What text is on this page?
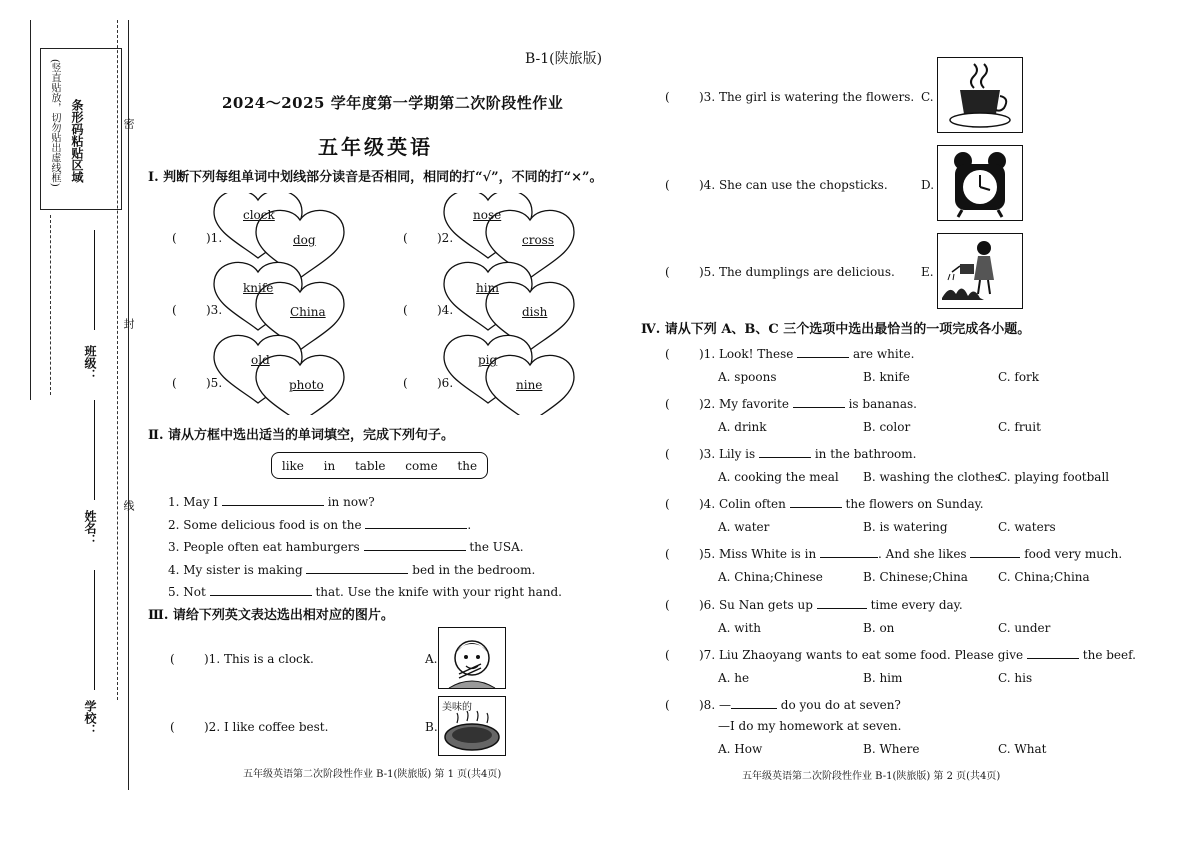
条形码粘贴区域
(竖直贴放，切勿贴出虚线框)	密
封
线
班级：
姓名：
学校：
B-1(陕旅版)
2024～2025 学年度第一学期第二次阶段性作业
五年级英语
Ⅰ. 判断下列每组单词中划线部分读音是否相同，相同的打“√”，不同的打“×”。
( )1.
clock
dog	( )2.
nose
cross
( )3.
knife
China	( )4.
him
dish
( )5.
old
photo	( )6.
pig
nine
Ⅱ. 请从方框中选出适当的单词填空，完成下列句子。
like in table come the
1. May I	in now?
2. Some delicious food is on the	.
3. People often eat hamburgers	the USA.
4. My sister is making	bed in the bedroom.
5. Not	that. Use the knife with your right hand.
Ⅲ. 请给下列英文表达选出相对应的图片。
( )1. This is a clock.
( )2. I like coffee best.
( )3. The girl is watering the flowers.
( )4. She can use the chopsticks.
( )5. The dumplings are delicious.
A.
B.
美味的
C.
D.
E.
Ⅳ. 请从下列 A、B、C 三个选项中选出最恰当的一项完成各小题。
( )1. Look! These	are white.
A. spoons	B. knife	C. fork
( )2. My favorite	is bananas.
A. drink	B. color	C. fruit
( )3. Lily is	in the bathroom.
A. cooking the meal B. washing the clothes
C. playing football
( )4. Colin often	the flowers on Sunday.
A. water	B. is watering	C. waters
( )5. Miss White is in	. And she likes	food very much.
A. China;Chinese	B. Chinese;China	C. China;China
( )6. Su Nan gets up	time every day.
A. with	B. on	C. under
( )7. Liu Zhaoyang wants to eat some food. Please give	the beef.
A. he	B. him	C. his
( )8. —	do you do at seven?
—I do my homework at seven.
A. How	B. Where	C. What
五年级英语第二次阶段性作业 B-1(陕旅版) 第 1 页(共4页)	五年级英语第二次阶段性作业 B-1(陕旅版) 第 2 页(共4页)
